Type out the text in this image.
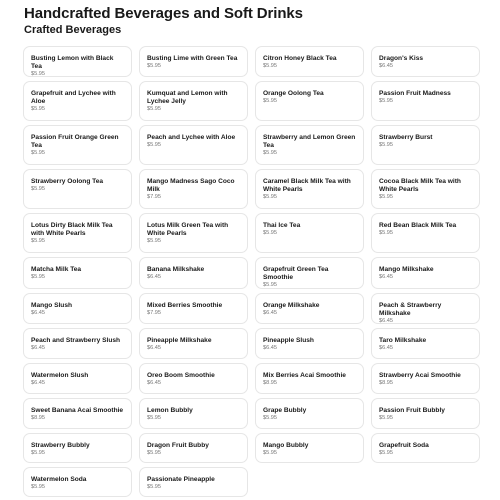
Handcrafted Beverages and Soft Drinks
Crafted Beverages
Busting Lemon with Black Tea
$5.95
Busting Lime with Green Tea
$5.95
Citron Honey Black Tea
$5.95
Dragon's Kiss
$6.45
Grapefruit and Lychee with Aloe
$5.95
Kumquat and Lemon with Lychee Jelly
$5.95
Orange Oolong Tea
$5.95
Passion Fruit Madness
$5.95
Passion Fruit Orange Green Tea
$5.95
Peach and Lychee with Aloe
$5.95
Strawberry and Lemon Green Tea
$5.95
Strawberry Burst
$5.95
Strawberry Oolong Tea
$5.95
Mango Madness Sago Coco Milk
$7.95
Caramel Black Milk Tea with White Pearls
$5.95
Cocoa Black Milk Tea with White Pearls
$5.95
Lotus Dirty Black Milk Tea with White Pearls
$5.95
Lotus Milk Green Tea with White Pearls
$5.95
Thai Ice Tea
$5.95
Red Bean Black Milk Tea
$5.95
Matcha Milk Tea
$5.95
Banana Milkshake
$6.45
Grapefruit Green Tea Smoothie
$5.95
Mango Milkshake
$6.45
Mango Slush
$6.45
Mixed Berries Smoothie
$7.95
Orange Milkshake
$6.45
Peach & Strawberry Milkshake
$6.45
Peach and Strawberry Slush
$6.45
Pineapple Milkshake
$6.45
Pineapple Slush
$6.45
Taro Milkshake
$6.45
Watermelon Slush
$6.45
Oreo Boom Smoothie
$6.45
Mix Berries Acai Smoothie
$8.95
Strawberry Acai Smoothie
$8.95
Sweet Banana Acai Smoothie
$8.95
Lemon Bubbly
$5.95
Grape Bubbly
$5.95
Passion Fruit Bubbly
$5.95
Strawberry Bubbly
$5.95
Dragon Fruit Bubby
$5.95
Mango Bubbly
$5.95
Grapefruit Soda
$5.95
Watermelon Soda
$5.95
Passionate Pineapple
$5.95
